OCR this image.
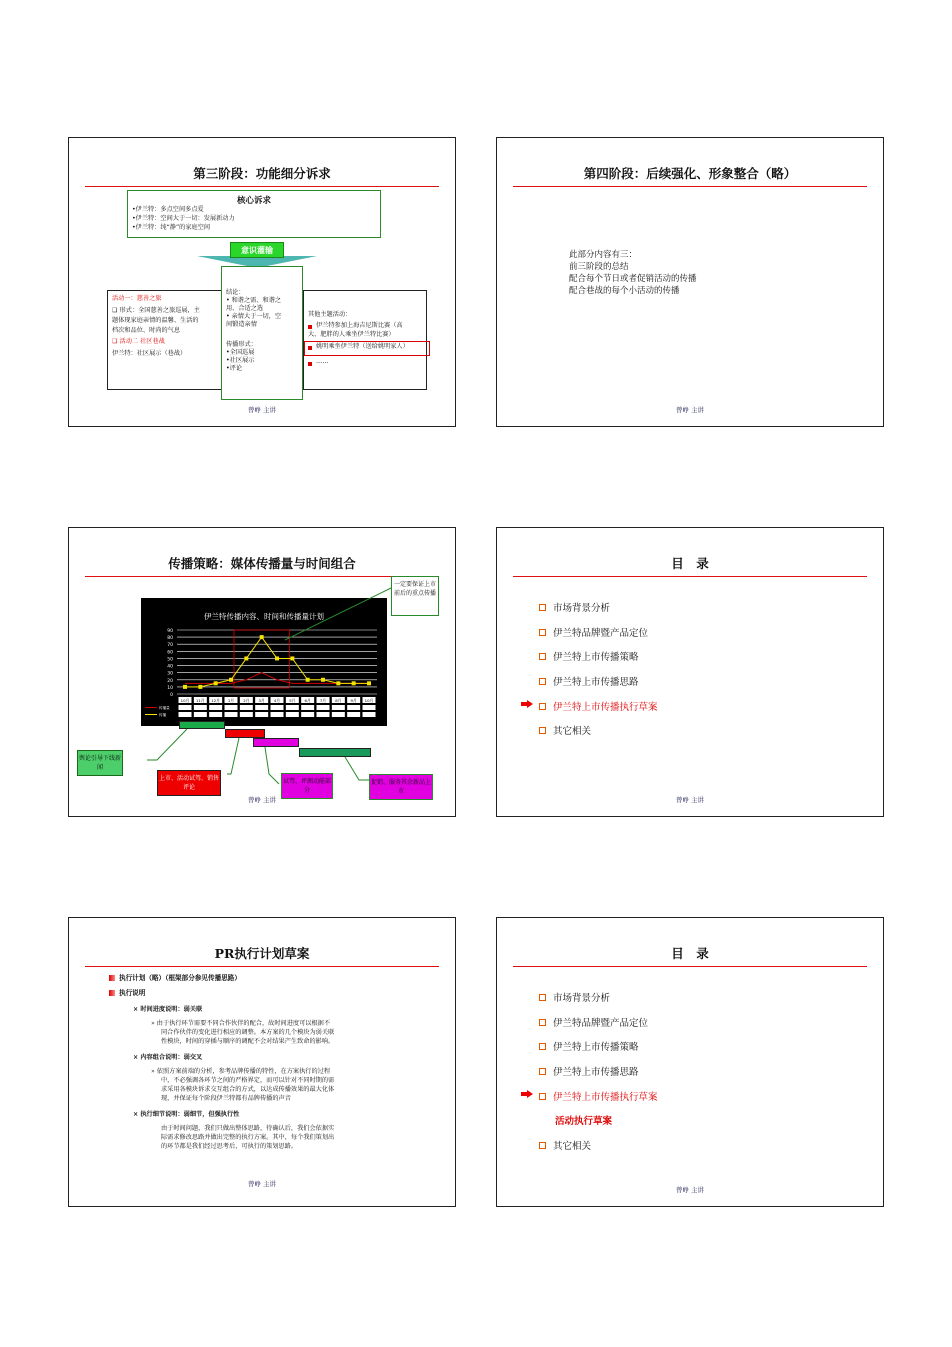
第三阶段：功能细分诉求
核心诉求
•伊兰特：多点空间多点爱
•伊兰特：空间大于一切：发展新动力
•伊兰特：纯“静”的家庭空间
意识灌输
活动一：慈善之旅
❑ 形式：全国慈善之旅巡展，主
题体现家庭亲情的温馨、生活的
档次和品位、时尚的气息
❑ 活动二 社区巷战
伊兰特：社区展示（巷战）
结论：
• 和谐之需、和谐之
用、合适之选
• 亲情大于一切，空
间锻造亲情
传播形式：
•全国巡展
•社区展示
•评论
其他主题活动：
伊兰特参加上海吉尼斯比赛（高
大、肥胖的人乘坐伊兰特比赛）
姚明乘坐伊兰特（送给姚明家人）
……
曾峥 主讲
第四阶段：后续强化、形象整合（略）
此部分内容有三：
前三阶段的总结
配合每个节日或者促销活动的传播
配合巷战的每个小活动的传播
曾峥 主讲
传播策略：媒体传播量与时间组合
一定要保证上市前后的重点传播
伊兰特传播内容、时间和传播量计划
0
10
20
30
40
50
60
70
80
90
10月 11月 12月 1月 2月 3月 4月 5月 6月 7月 8月 9月 10月
传播量
传播
舆论引导下线新闻
上市、活动试驾、销售评论
试驾、评测动能部分
促销、服务其余新品上市
曾峥 主讲
目　录
市场背景分析
伊兰特品牌暨产品定位
伊兰特上市传播策略
伊兰特上市传播思路
伊兰特上市传播执行草案
其它相关
曾峥 主讲
PR执行计划草案
执行计划（略）（框架部分参见传播思路）
执行说明
× 时间进度说明：弱关联
» 由于执行环节需要不同合作伙伴的配合，故时间进度可以根据不
同合作伙伴的变化进行相应的调整。本方案的几个模块为弱关联
性模块，时间的穿插与顺序的调配不会对结果产生致命的影响。
× 内容组合说明：弱交叉
» 依照方案前端的分析，参考品牌传播的特性，在方案执行的过程
中，不必强调各环节之间的严格界定，而可以针对不同时期的需
求采用各模块诉求交互组合的方式，以达成传播效果的最大化体
现，并保证每个阶段伊兰特都有品牌传播的声音
× 执行细节说明：弱细节，但强执行性
由于时间问题，我们只做出整体思路，待确认后，我们会依据实
际需求修改思路并做出完整的执行方案。其中，每个我们策划出
的环节都是我们经过思考后，可执行的策划思路。
曾峥 主讲
目　录
市场背景分析
伊兰特品牌暨产品定位
伊兰特上市传播策略
伊兰特上市传播思路
伊兰特上市传播执行草案
活动执行草案
其它相关
曾峥 主讲
